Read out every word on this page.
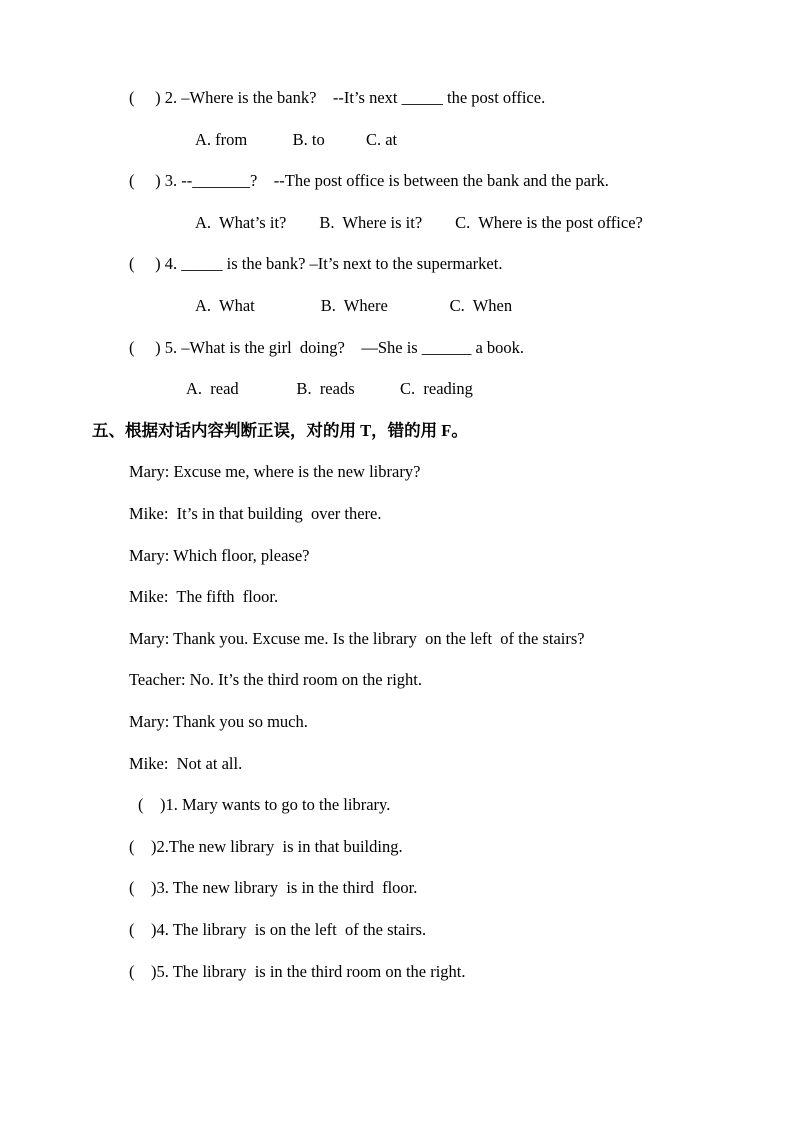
(     ) 2. –Where is the bank?    --It’s next _____ the post office.
A. from           B. to          C. at
(     ) 3. --_______?    --The post office is between the bank and the park.
A.  What’s it?        B.  Where is it?        C.  Where is the post office?
(     ) 4. _____ is the bank? –It’s next to the supermarket.
A.  What                B.  Where               C.  When
(     ) 5. –What is the girl  doing?    —She is ______ a book.
A.  read              B.  reads           C.  reading
五、根据对话内容判断正误，对的用 T，错的用 F。
Mary: Excuse me, where is the new library?
Mike:  It’s in that building  over there.
Mary: Which floor, please?
Mike:  The fifth  floor.
Mary: Thank you. Excuse me. Is the library  on the left  of the stairs?
Teacher: No. It’s the third room on the right.
Mary: Thank you so much.
Mike:  Not at all.
(    )1. Mary wants to go to the library.
(    )2.The new library  is in that building.
(    )3. The new library  is in the third  floor.
(    )4. The library  is on the left  of the stairs.
(    )5. The library  is in the third room on the right.
